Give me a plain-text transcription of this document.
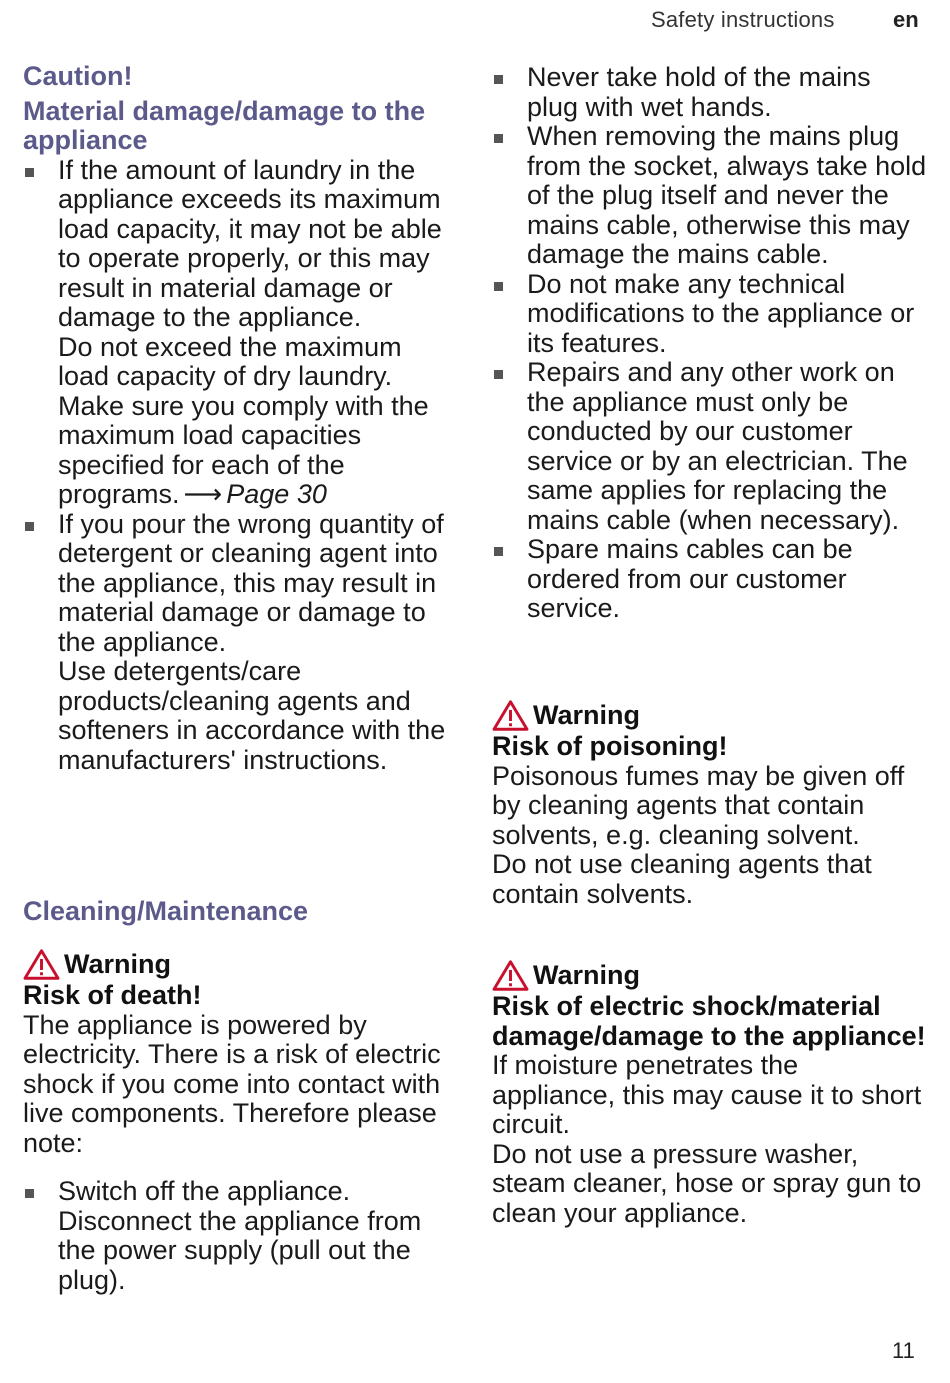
Safety instructions	en
Caution!
Material damage/damage to the appliance

If the amount of laundry in the appliance exceeds its maximum load capacity, it may not be able to operate properly, or this may result in material damage or damage to the appliance.

Do not exceed the maximum load capacity of dry laundry. Make sure you comply with the maximum load capacities specified for each of the programs. ⟶ Page 30

If you pour the wrong quantity of detergent or cleaning agent into the appliance, this may result in material damage or damage to the appliance.

Use detergents/care products/cleaning agents and softeners in accordance with the manufacturers' instructions.

Cleaning/Maintenance
Warning
Risk of death!
The appliance is powered by electricity. There is a risk of electric shock if you come into contact with live components. Therefore please note:

Switch off the appliance. Disconnect the appliance from the power supply (pull out the plug).

Never take hold of the mains plug with wet hands.

When removing the mains plug from the socket, always take hold of the plug itself and never the mains cable, otherwise this may damage the mains cable.

Do not make any technical modifications to the appliance or its features.

Repairs and any other work on the appliance must only be conducted by our customer service or by an electrician. The same applies for replacing the mains cable (when necessary).

Spare mains cables can be ordered from our customer service.

Warning
Risk of poisoning!

Poisonous fumes may be given off by cleaning agents that contain solvents, e.g. cleaning solvent.

Do not use cleaning agents that contain solvents.

Warning
Risk of electric shock/material damage/damage to the appliance!

If moisture penetrates the appliance, this may cause it to short circuit.

Do not use a pressure washer, steam cleaner, hose or spray gun to clean your appliance.

11
